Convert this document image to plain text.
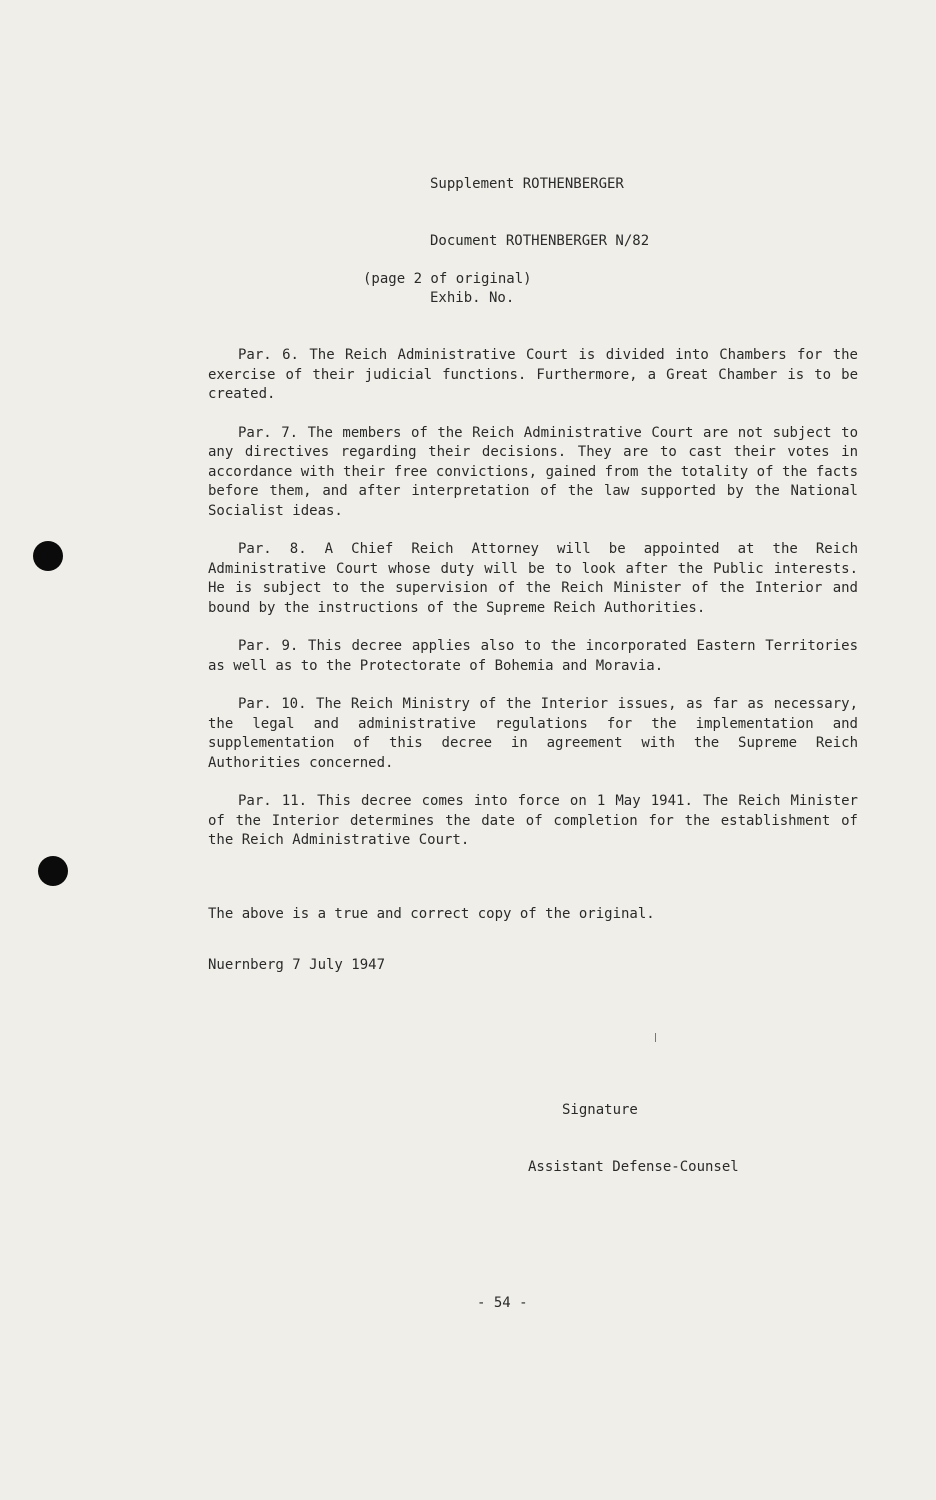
Supplement ROTHENBERGER

Document ROTHENBERGER N/82

Exhib. No.

(page 2 of original)

Par. 6. The Reich Administrative Court is divided into Chambers for the exercise of their judicial functions. Furthermore, a Great Chamber is to be created.

Par. 7. The members of the Reich Administrative Court are not subject to any directives regarding their decisions. They are to cast their votes in accordance with their free convictions, gained from the totality of the facts before them, and after interpretation of the law supported by the National Socialist ideas.

Par. 8. A Chief Reich Attorney will be appointed at the Reich Administrative Court whose duty will be to look after the Public interests. He is subject to the supervision of the Reich Minister of the Interior and bound by the instructions of the Supreme Reich Authorities.

Par. 9. This decree applies also to the incorporated Eastern Territories as well as to the Protectorate of Bohemia and Moravia.

Par. 10. The Reich Ministry of the Interior issues, as far as necessary, the legal and administrative regulations for the implementation and supplementation of this decree in agreement with the Supreme Reich Authorities concerned.

Par. 11. This decree comes into force on 1 May 1941. The Reich Minister of the Interior determines the date of completion for the establishment of the Reich Administrative Court.

The above is a true and correct copy of the original.
Nuernberg 7 July 1947

Signature

Assistant Defense-Counsel

- 54 -
